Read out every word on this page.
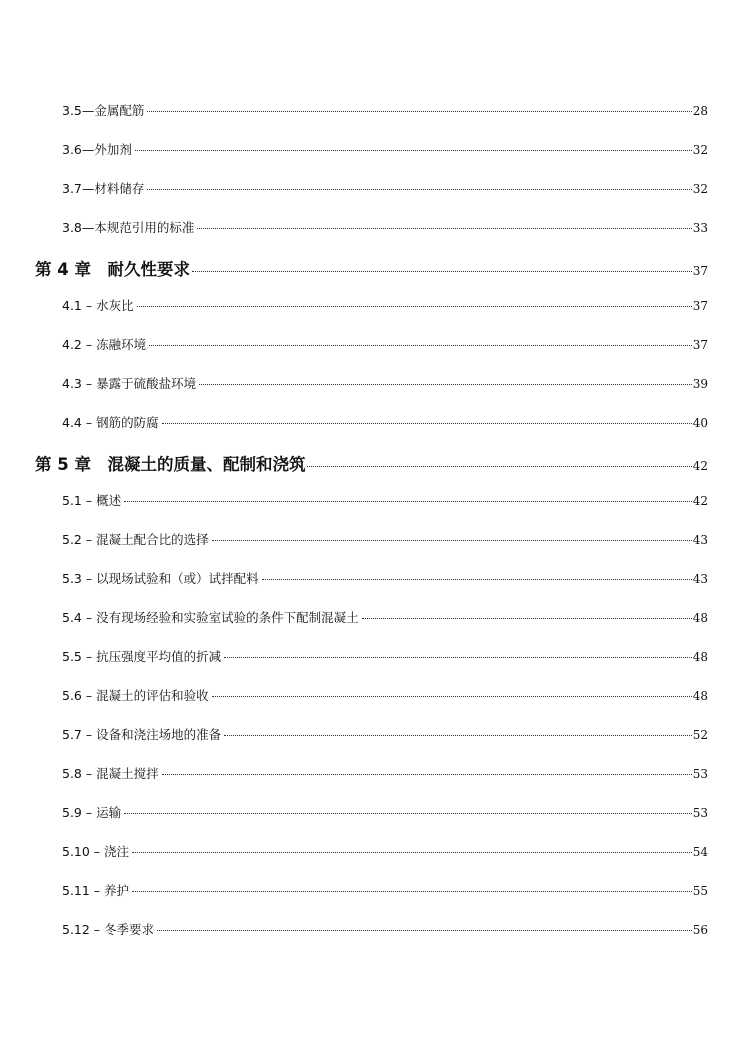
3.5—金属配筋	28
3.6—外加剂	32
3.7—材料储存	32
3.8—本规范引用的标准	33
第 4 章　耐久性要求	37
4.1 – 水灰比	37
4.2 – 冻融环境	37
4.3 – 暴露于硫酸盐环境	39
4.4 – 钢筋的防腐	40
第 5 章　混凝土的质量、配制和浇筑	42
5.1 – 概述	42
5.2 – 混凝土配合比的选择	43
5.3 – 以现场试验和（或）试拌配料	43
5.4 – 没有现场经验和实验室试验的条件下配制混凝土	48
5.5 – 抗压强度平均值的折减	48
5.6 – 混凝土的评估和验收	48
5.7 – 设备和浇注场地的准备	52
5.8 – 混凝土搅拌	53
5.9 – 运输	53
5.10 – 浇注	54
5.11 – 养护	55
5.12 – 冬季要求	56
